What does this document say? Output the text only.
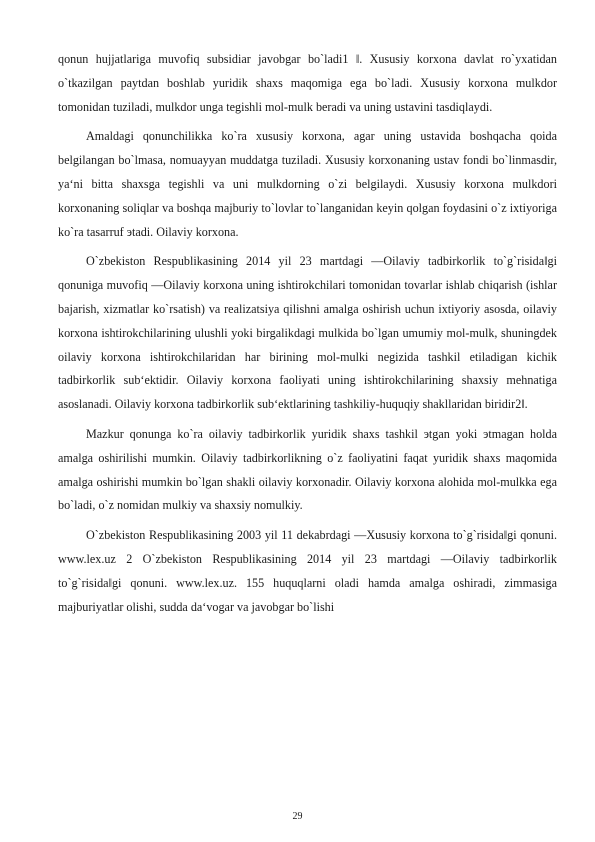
qonun hujjatlariga muvofiq subsidiar javobgar bo`ladi1 ‖. Xususiy korxona davlat ro`yxatidan o`tkazilgan paytdan boshlab yuridik shaxs maqomiga ega bo`ladi. Xususiy korxona mulkdor tomonidan tuziladi, mulkdor unga tegishli mol-mulk beradi va uning ustavini tasdiqlaydi.

Amaldagi qonunchilikka ko`ra xususiy korxona, agar uning ustavida boshqacha qoida belgilangan bo`lmasa, nomuayyan muddatga tuziladi. Xususiy korxonaning ustav fondi bo`linmasdir, yaʻni bitta shaxsga tegishli va uni mulkdorning o`zi belgilaydi. Xususiy korxona mulkdori korxonaning soliqlar va boshqa majburiy to`lovlar to`langanidan keyin qolgan foydasini o`z ixtiyoriga ko`ra tasarruf эtadi. Oilaviy korxona.

O`zbekiston Respublikasining 2014 yil 23 martdagi ―Oilaviy tadbirkorlik to`g`risida‖gi qonuniga muvofiq ―Oilaviy korxona uning ishtirokchilari tomonidan tovarlar ishlab chiqarish (ishlar bajarish, xizmatlar ko`rsatish) va realizatsiya qilishni amalga oshirish uchun ixtiyoriy asosda, oilaviy korxona ishtirokchilarining ulushli yoki birgalikdagi mulkida bo`lgan umumiy mol-mulk, shuningdek oilaviy korxona ishtirokchilaridan har birining mol-mulki negizida tashkil etiladigan kichik tadbirkorlik subʻektidir. Oilaviy korxona faoliyati uning ishtirokchilarining shaxsiy mehnatiga asoslanadi. Oilaviy korxona tadbirkorlik subʻektlarining tashkiliy-huquqiy shakllaridan biridir2‖.

Mazkur qonunga ko`ra oilaviy tadbirkorlik yuridik shaxs tashkil эtgan yoki эtmagan holda amalga oshirilishi mumkin. Oilaviy tadbirkorlikning o`z faoliyatini faqat yuridik shaxs maqomida amalga oshirishi mumkin bo`lgan shakli oilaviy korxonadir. Oilaviy korxona alohida mol-mulkka ega bo`ladi, o`z nomidan mulkiy va shaxsiy nomulkiy.

O`zbekiston Respublikasining 2003 yil 11 dekabrdagi ―Xususiy korxona to`g`risida‖gi qonuni. www.lex.uz 2 O`zbekiston Respublikasining 2014 yil 23 martdagi ―Oilaviy tadbirkorlik to`g`risida‖gi qonuni. www.lex.uz. 155 huquqlarni oladi hamda amalga oshiradi, zimmasiga majburiyatlar olishi, sudda daʻvogar va javobgar bo`lishi

29
